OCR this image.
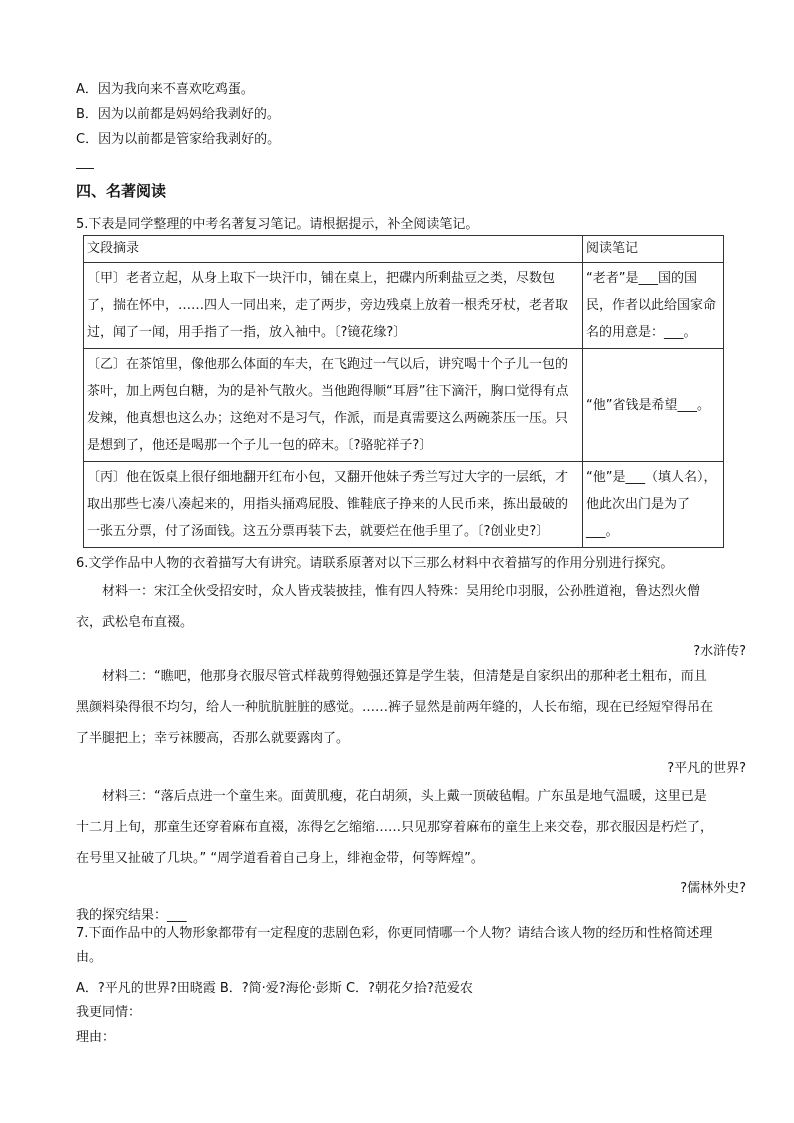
A．因为我向来不喜欢吃鸡蛋。
B．因为以前都是妈妈给我剥好的。
C．因为以前都是管家给我剥好的。
四、名著阅读
5.下表是同学整理的中考名著复习笔记。请根据提示，补全阅读笔记。
文段摘录	阅读笔记
〔甲〕老者立起，从身上取下一块汗巾，铺在桌上，把碟内所剩盐豆之类，尽数包了，揣在怀中，……四人一同出来，走了两步，旁边残桌上放着一根秃牙杖，老者取过，闻了一闻，用手指了一指，放入袖中。〔?镜花缘?〕	“老者”是___国的国民，作者以此给国家命名的用意是：___。
〔乙〕在茶馆里，像他那么体面的车夫，在飞跑过一气以后，讲究喝十个子儿一包的茶叶，加上两包白糖，为的是补气散火。当他跑得顺“耳唇”往下滴汗，胸口觉得有点发辣，他真想也这么办；这绝对不是习气，作派，而是真需要这么两碗茶压一压。只是想到了，他还是喝那一个子儿一包的碎末。〔?骆驼祥子?〕	“他”省钱是希望___。
〔丙〕他在饭桌上很仔细地翻开红布小包，又翻开他妹子秀兰写过大字的一层纸，才取出那些七凑八凑起来的，用指头捅鸡屁股、锥鞋底子挣来的人民币来，拣出最破的一张五分票，付了汤面钱。这五分票再装下去，就要烂在他手里了。〔?创业史?〕	“他”是___（填人名），他此次出门是为了___。
6.文学作品中人物的衣着描写大有讲究。请联系原著对以下三那么材料中衣着描写的作用分别进行探究。
材料一：宋江全伙受招安时，众人皆戎装披挂，惟有四人特殊：吴用纶巾羽服，公孙胜道袍，鲁达烈火僧衣，武松皂布直裰。
?水浒传?
材料二：“瞧吧，他那身衣服尽管式样裁剪得勉强还算是学生装，但清楚是自家织出的那种老土粗布，而且黑颜料染得很不均匀，给人一种肮肮脏脏的感觉。……裤子显然是前两年缝的，人长布缩，现在已经短窄得吊在了半腿把上；幸亏袜腰高，否那么就要露肉了。
?平凡的世界?
材料三：“落后点进一个童生来。面黄肌瘦，花白胡须，头上戴一顶破毡帽。广东虽是地气温暖，这里已是十二月上旬，那童生还穿着麻布直裰，冻得乞乞缩缩……只见那穿着麻布的童生上来交卷，那衣服因是朽烂了，在号里又扯破了几块。” “周学道看着自己身上，绯袍金带，何等辉煌”。
?儒林外史?
我的探究结果：___
7.下面作品中的人物形象都带有一定程度的悲剧色彩，你更同情哪一个人物？请结合该人物的经历和性格简述理由。
A．?平凡的世界?田晓霞 B．?简·爱?海伦·彭斯 C．?朝花夕拾?范爱农
我更同情：
理由：
